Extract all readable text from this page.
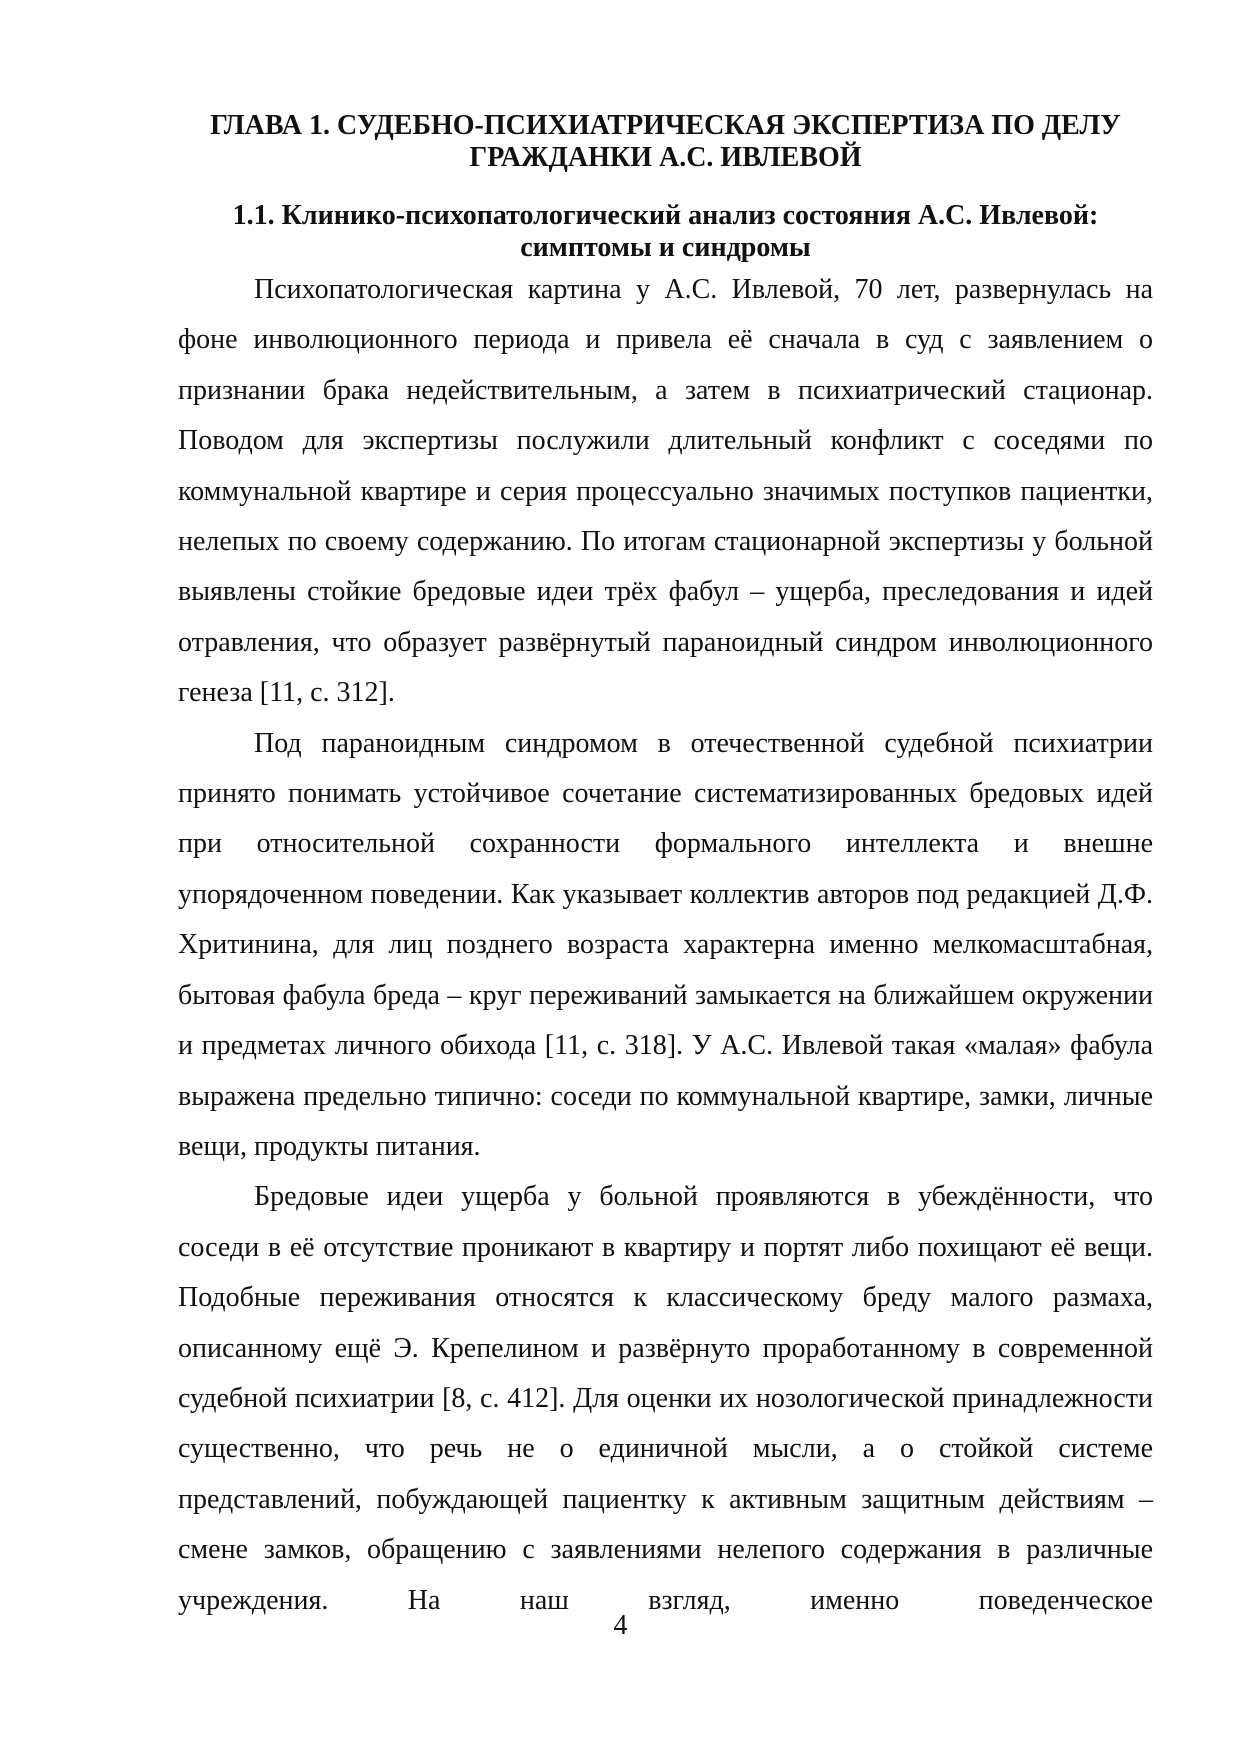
ГЛАВА 1. СУДЕБНО-ПСИХИАТРИЧЕСКАЯ ЭКСПЕРТИЗА ПО ДЕЛУ ГРАЖДАНКИ А.С. ИВЛЕВОЙ
1.1. Клинико-психопатологический анализ состояния А.С. Ивлевой: симптомы и синдромы

Психопатологическая картина у А.С. Ивлевой, 70 лет, развернулась на фоне инволюционного периода и привела её сначала в суд с заявлением о признании брака недействительным, а затем в психиатрический стационар. Поводом для экспертизы послужили длительный конфликт с соседями по коммунальной квартире и серия процессуально значимых поступков пациентки, нелепых по своему содержанию. По итогам стационарной экспертизы у больной выявлены стойкие бредовые идеи трёх фабул – ущерба, преследования и идей отравления, что образует развёрнутый параноидный синдром инволюционного генеза [11, с. 312].

Под параноидным синдромом в отечественной судебной психиатрии принято понимать устойчивое сочетание систематизированных бредовых идей при относительной сохранности формального интеллекта и внешне упорядоченном поведении. Как указывает коллектив авторов под редакцией Д.Ф. Хритинина, для лиц позднего возраста характерна именно мелкомасштабная, бытовая фабула бреда – круг переживаний замыкается на ближайшем окружении и предметах личного обихода [11, с. 318]. У А.С. Ивлевой такая «малая» фабула выражена предельно типично: соседи по коммунальной квартире, замки, личные вещи, продукты питания.

Бредовые идеи ущерба у больной проявляются в убеждённости, что соседи в её отсутствие проникают в квартиру и портят либо похищают её вещи. Подобные переживания относятся к классическому бреду малого размаха, описанному ещё Э. Крепелином и развёрнуто проработанному в современной судебной психиатрии [8, с. 412]. Для оценки их нозологической принадлежности существенно, что речь не о единичной мысли, а о стойкой системе представлений, побуждающей пациентку к активным защитным действиям – смене замков, обращению с заявлениями нелепого содержания в различные учреждения. На наш взгляд, именно поведенческое

4
